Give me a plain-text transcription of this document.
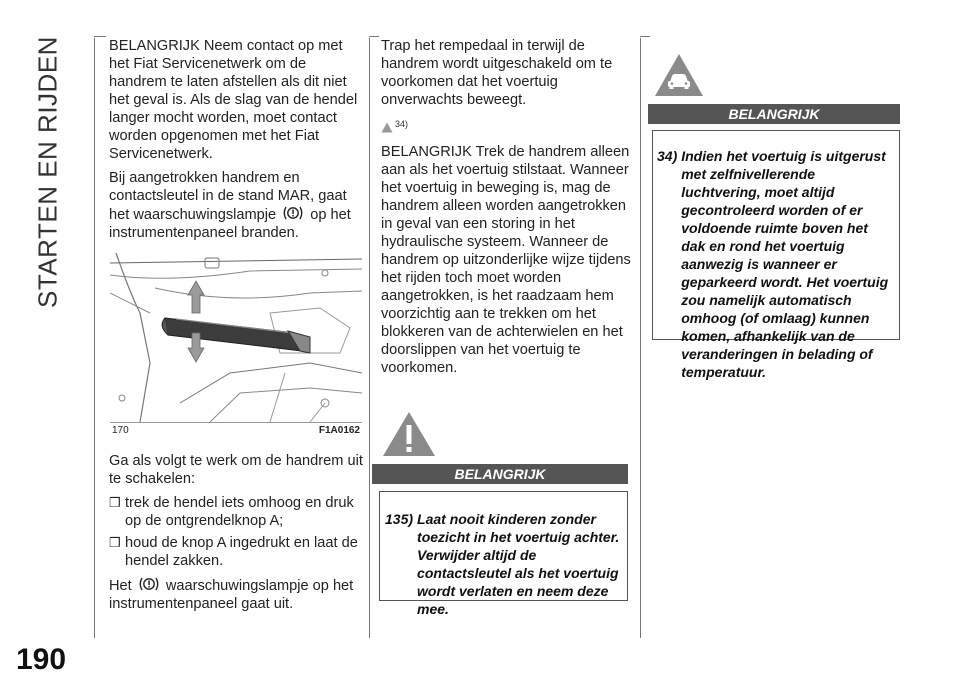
STARTEN EN RIJDEN
190

BELANGRIJK Neem contact op met het Fiat Servicenetwerk om de handrem te laten afstellen als dit niet het geval is. Als de slag van de hendel langer mocht worden, moet contact worden opgenomen met het Fiat Servicenetwerk.

Bij aangetrokken handrem en contactsleutel in de stand MAR, gaat het waarschuwingslampje op het instrumentenpaneel branden.

170	F1A0162

Ga als volgt te werk om de handrem uit te schakelen:

❒ trek de hendel iets omhoog en druk op de ontgrendelknop A;
❒ houd de knop A ingedrukt en laat de hendel zakken.

Het waarschuwingslampje op het instrumentenpaneel gaat uit.

Trap het rempedaal in terwijl de handrem wordt uitgeschakeld om te voorkomen dat het voertuig onverwachts beweegt.

34)

BELANGRIJK Trek de handrem alleen aan als het voertuig stilstaat. Wanneer het voertuig in beweging is, mag de handrem alleen worden aangetrokken in geval van een storing in het hydraulische systeem. Wanneer de handrem op uitzonderlijke wijze tijdens het rijden toch moet worden aangetrokken, is het raadzaam hem voorzichtig aan te trekken om het blokkeren van de achterwielen en het doorslippen van het voertuig te voorkomen.

BELANGRIJK
135) Laat nooit kinderen zonder toezicht in het voertuig achter. Verwijder altijd de contactsleutel als het voertuig wordt verlaten en neem deze mee.
BELANGRIJK
34) Indien het voertuig is uitgerust met zelfnivellerende luchtvering, moet altijd gecontroleerd worden of er voldoende ruimte boven het dak en rond het voertuig aanwezig is wanneer er geparkeerd wordt. Het voertuig zou namelijk automatisch omhoog (of omlaag) kunnen komen, afhankelijk van de veranderingen in belading of temperatuur.
